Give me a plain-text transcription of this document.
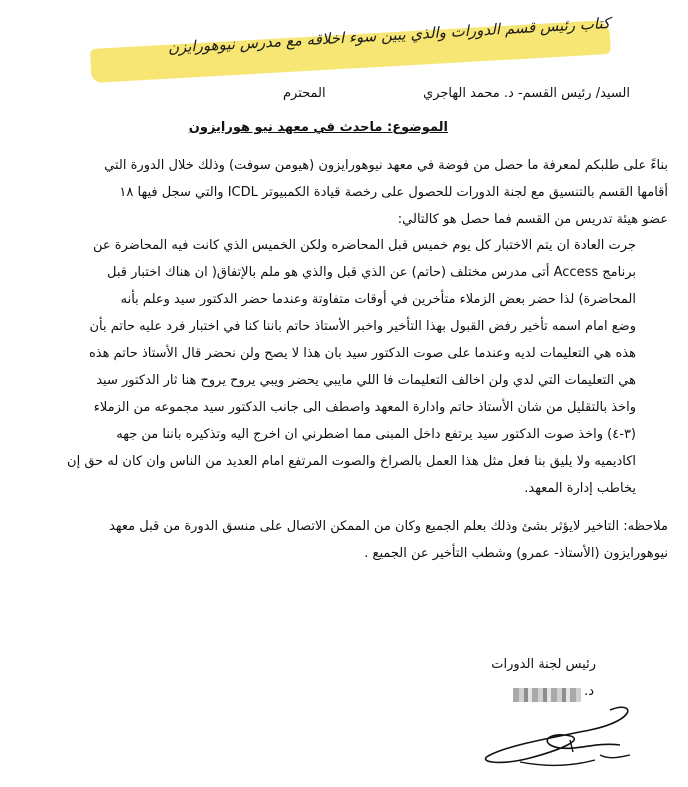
كتاب رئيس قسم الدورات والذي يبين سوء اخلاقه مع مدرس نيوهورايزن
السيد/ رئيس القسم- د. محمد الهاجري
المحترم
الموضوع: ماحدث في معهد نيو هورايزون
بناءً على طلبكم لمعرفة ما حصل من فوضة في معهد نيوهورايزون (هيومن سوفت) وذلك خلال الدورة التي
أقامها القسم بالتنسيق مع لجنة الدورات للحصول على رخصة قيادة الكمبيوتر ICDL والتي سجل فيها ١٨
عضو هيئة تدريس من القسم فما حصل هو كالتالي:
جرت العادة ان يتم الاختبار كل يوم خميس قبل المحاضره ولكن الخميس الذي كانت فيه المحاضرة عن
برنامج Access أتى مدرس مختلف (حاتم) عن الذي قبل والذي هو ملم بالإتفاق( ان هناك اختبار قبل
المحاضرة) لذا حضر بعض الزملاء متأخرين في أوقات متفاوتة وعندما حضر الدكتور سيد وعلم بأنه
وضع امام اسمه تأخير رفض القبول بهذا التأخير واخبر الأستاذ حاتم باننا كنا في اختبار فرد عليه حاتم بأن
هذه هي التعليمات لديه وعندما على صوت الدكتور سيد بان هذا لا يصح ولن نحضر قال الأستاذ حاتم هذه
هي التعليمات التي لدي ولن اخالف التعليمات فا اللي مايبي يحضر ويبي يروح يروح هنا ثار الدكتور سيد
واخذ بالتقليل من شان الأستاذ حاتم وادارة المعهد واصطف الى جانب الدكتور سيد مجموعه من الزملاء
(٣-٤) واخذ صوت الدكتور سيد يرتفع داخل المبنى مما اضطرني ان اخرج اليه وتذكيره باننا من جهه
اكاديميه ولا يليق بنا فعل مثل هذا العمل بالصراخ والصوت المرتفع امام العديد من الناس وان كان له حق إن
يخاطب إدارة المعهد.
ملاحظه: التاخير لايؤثر بشئ وذلك بعلم الجميع وكان من الممكن الاتصال على منسق الدورة من قبل معهد
نيوهورايزون (الأستاذ- عمرو) وشطب التأخير عن الجميع .
رئيس لجنة الدورات
د.
